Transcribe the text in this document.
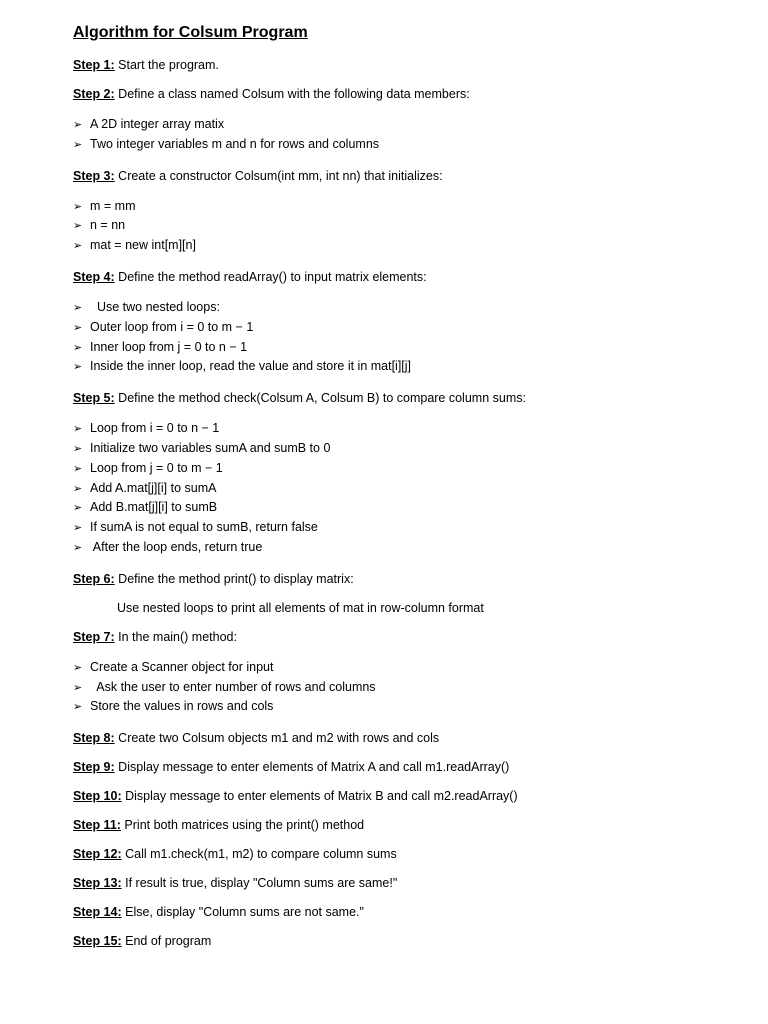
Algorithm for Colsum Program
Step 1: Start the program.
Step 2: Define a class named Colsum with the following data members:
➢ A 2D integer array matix
➢ Two integer variables m and n for rows and columns
Step 3: Create a constructor Colsum(int mm, int nn) that initializes:
➢ m = mm
➢ n = nn
➢ mat = new int[m][n]
Step 4: Define the method readArray() to input matrix elements:
➢ Use two nested loops:
➢ Outer loop from i = 0 to m − 1
➢ Inner loop from j = 0 to n − 1
➢ Inside the inner loop, read the value and store it in mat[i][j]
Step 5: Define the method check(Colsum A, Colsum B) to compare column sums:
➢ Loop from i = 0 to n − 1
➢ Initialize two variables sumA and sumB to 0
➢ Loop from j = 0 to m − 1
➢ Add A.mat[j][i] to sumA
➢ Add B.mat[j][i] to sumB
➢ If sumA is not equal to sumB, return false
➢ After the loop ends, return true
Step 6: Define the method print() to display matrix:
Use nested loops to print all elements of mat in row-column format
Step 7: In the main() method:
➢ Create a Scanner object for input
➢ Ask the user to enter number of rows and columns
➢ Store the values in rows and cols
Step 8: Create two Colsum objects m1 and m2 with rows and cols
Step 9: Display message to enter elements of Matrix A and call m1.readArray()
Step 10: Display message to enter elements of Matrix B and call m2.readArray()
Step 11: Print both matrices using the print() method
Step 12: Call m1.check(m1, m2) to compare column sums
Step 13: If result is true, display "Column sums are same!"
Step 14: Else, display "Column sums are not same."
Step 15: End of program
